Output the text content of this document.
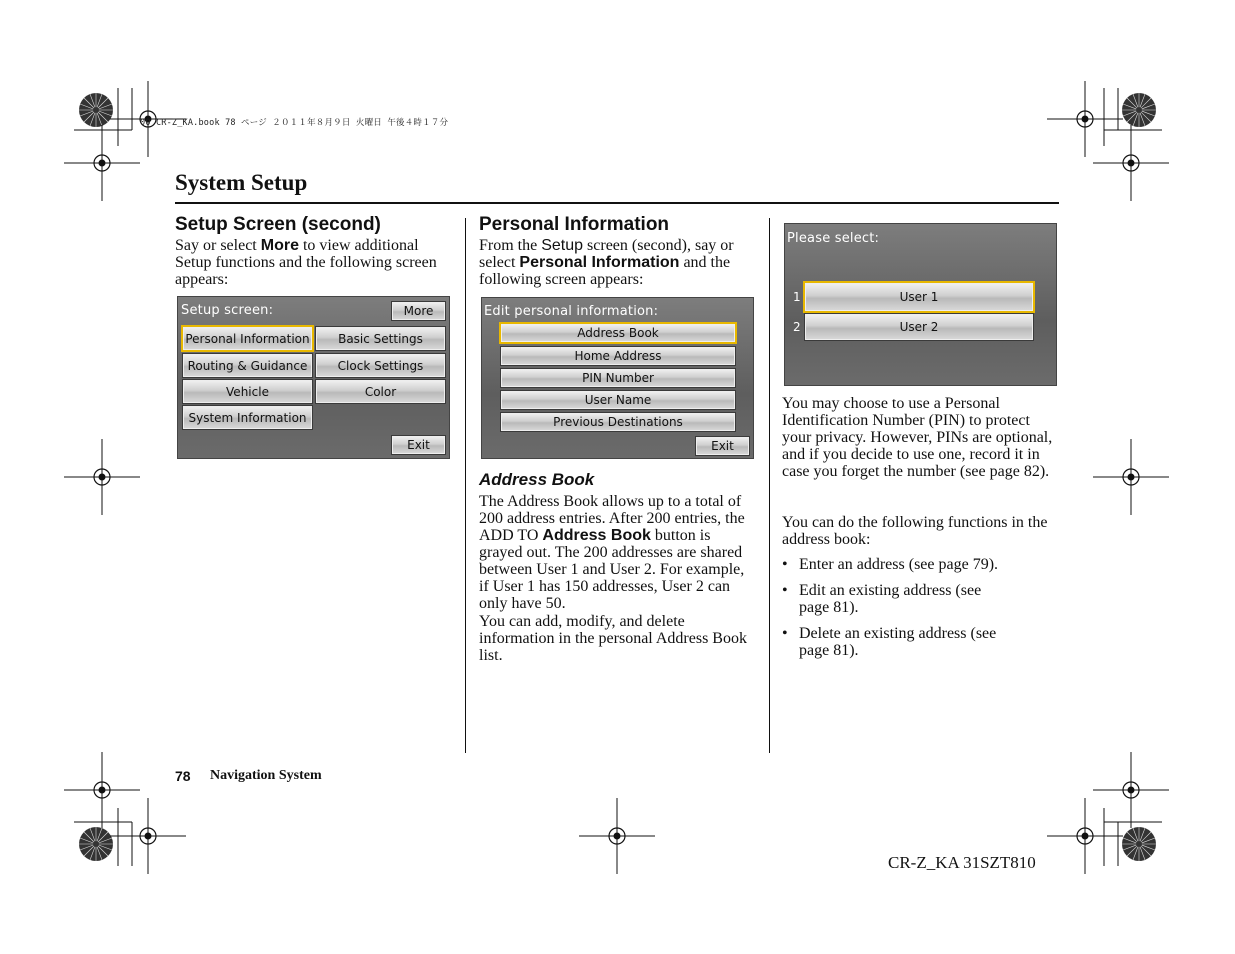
00 CR-Z_KA.book 78 ページ ２０１１年８月９日 火曜日 午後４時１７分
System Setup
Setup Screen (second)
Say or select More to view additional Setup functions and the following screen appears:
Setup screen:	More
Personal Information	Basic Settings
Routing & Guidance	Clock Settings
Vehicle	Color
System Information
Exit
Personal Information
From the Setup screen (second), say or select Personal Information and the following screen appears:
Edit personal information:
Address Book
Home Address
PIN Number
User Name
Previous Destinations
Exit
Address Book
The Address Book allows up to a total of 200 address entries. After 200 entries, the ADD TO Address Book button is grayed out. The 200 addresses are shared between User 1 and User 2. For example, if User 1 has 150 addresses, User 2 can only have 50.
You can add, modify, and delete information in the personal Address Book list.
Please select:
1	User 1
2	User 2
You may choose to use a Personal Identification Number (PIN) to protect your privacy. However, PINs are optional, and if you decide to use one, record it in case you forget the number (see page 82).
You can do the following functions in the address book:
• Enter an address (see page 79).
• Edit an existing address (see page 81).
• Delete an existing address (see page 81).
78 Navigation System
CR-Z_KA 31SZT810
